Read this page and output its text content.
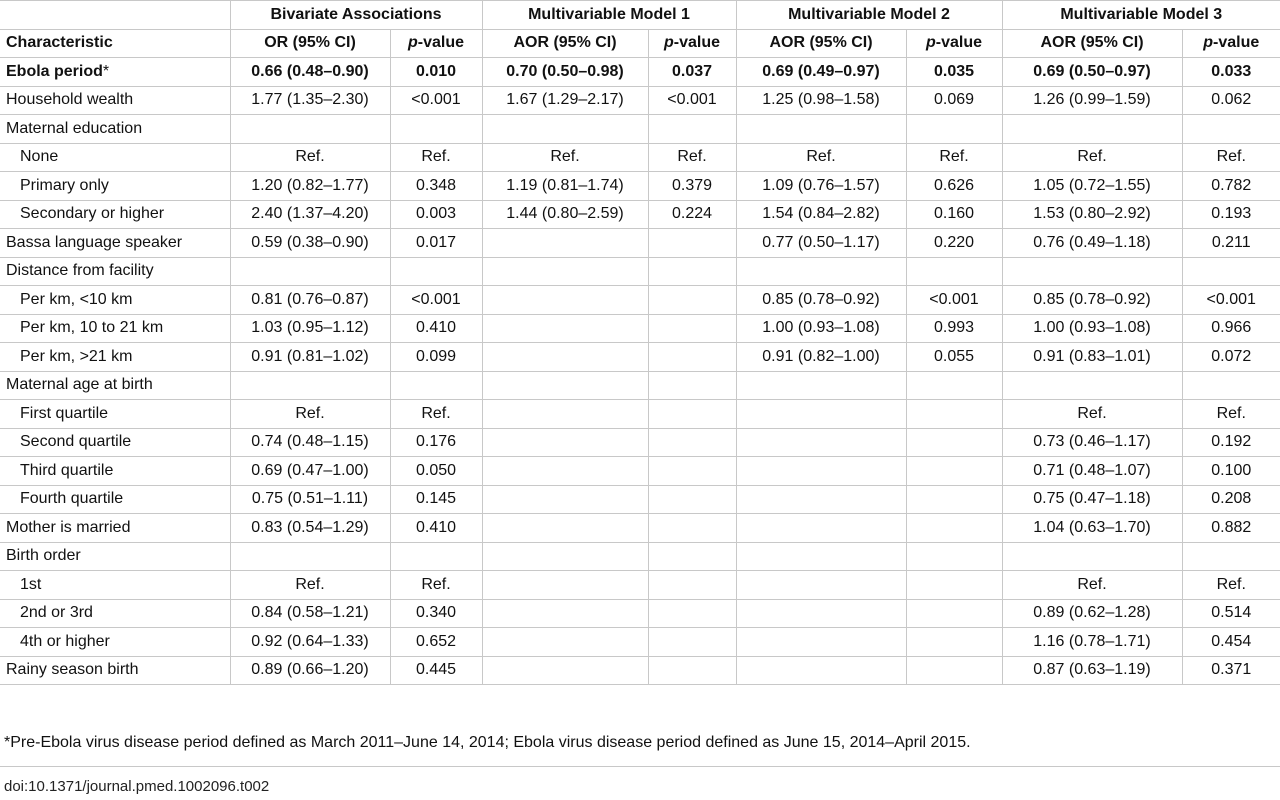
	Bivariate Associations		Multivariable Model 1		Multivariable Model 2		Multivariable Model 3	
Characteristic	OR (95% CI)	p-value	AOR (95% CI)	p-value	AOR (95% CI)	p-value	AOR (95% CI)	p-value
Ebola period*	0.66 (0.48–0.90)	0.010	0.70 (0.50–0.98)	0.037	0.69 (0.49–0.97)	0.035	0.69 (0.50–0.97)	0.033
Household wealth	1.77 (1.35–2.30)	<0.001	1.67 (1.29–2.17)	<0.001	1.25 (0.98–1.58)	0.069	1.26 (0.99–1.59)	0.062
Maternal education								
None	Ref.	Ref.	Ref.	Ref.	Ref.	Ref.	Ref.	Ref.
Primary only	1.20 (0.82–1.77)	0.348	1.19 (0.81–1.74)	0.379	1.09 (0.76–1.57)	0.626	1.05 (0.72–1.55)	0.782
Secondary or higher	2.40 (1.37–4.20)	0.003	1.44 (0.80–2.59)	0.224	1.54 (0.84–2.82)	0.160	1.53 (0.80–2.92)	0.193
Bassa language speaker	0.59 (0.38–0.90)	0.017			0.77 (0.50–1.17)	0.220	0.76 (0.49–1.18)	0.211
Distance from facility								
Per km, <10 km	0.81 (0.76–0.87)	<0.001			0.85 (0.78–0.92)	<0.001	0.85 (0.78–0.92)	<0.001
Per km, 10 to 21 km	1.03 (0.95–1.12)	0.410			1.00 (0.93–1.08)	0.993	1.00 (0.93–1.08)	0.966
Per km, >21 km	0.91 (0.81–1.02)	0.099			0.91 (0.82–1.00)	0.055	0.91 (0.83–1.01)	0.072
Maternal age at birth								
First quartile	Ref.	Ref.					Ref.	Ref.
Second quartile	0.74 (0.48–1.15)	0.176					0.73 (0.46–1.17)	0.192
Third quartile	0.69 (0.47–1.00)	0.050					0.71 (0.48–1.07)	0.100
Fourth quartile	0.75 (0.51–1.11)	0.145					0.75 (0.47–1.18)	0.208
Mother is married	0.83 (0.54–1.29)	0.410					1.04 (0.63–1.70)	0.882
Birth order								
1st	Ref.	Ref.					Ref.	Ref.
2nd or 3rd	0.84 (0.58–1.21)	0.340					0.89 (0.62–1.28)	0.514
4th or higher	0.92 (0.64–1.33)	0.652					1.16 (0.78–1.71)	0.454
Rainy season birth	0.89 (0.66–1.20)	0.445					0.87 (0.63–1.19)	0.371
*Pre-Ebola virus disease period defined as March 2011–June 14, 2014; Ebola virus disease period defined as June 15, 2014–April 2015.
doi:10.1371/journal.pmed.1002096.t002
